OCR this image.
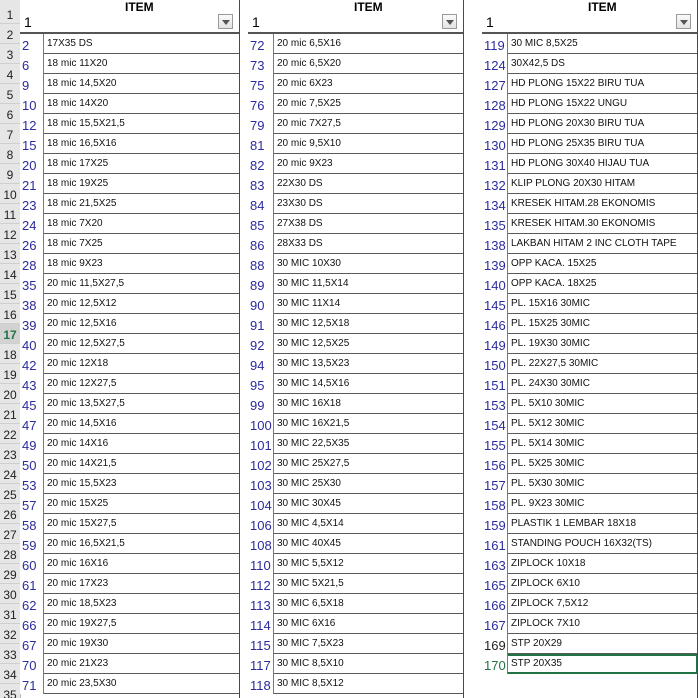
1
2
3
4
5
6
7
8
9
10
11
12
13
14
15
16
17
18
19
20
21
22
23
24
25
26
27
28
29
30
31
32
33
34
35
1
ITEM
2	17X35 DS
6	18 mic 11X20
9	18 mic 14,5X20
10	18 mic 14X20
12	18 mic 15,5X21,5
15	18 mic 16,5X16
20	18 mic 17X25
21	18 mic 19X25
23	18 mic 21,5X25
24	18 mic 7X20
26	18 mic 7X25
28	18 mic 9X23
35	20 mic 11,5X27,5
38	20 mic 12,5X12
39	20 mic 12,5X16
40	20 mic 12,5X27,5
42	20 mic 12X18
43	20 mic 12X27,5
45	20 mic 13,5X27,5
47	20 mic 14,5X16
49	20 mic 14X16
50	20 mic 14X21,5
53	20 mic 15,5X23
57	20 mic 15X25
58	20 mic 15X27,5
59	20 mic 16,5X21,5
60	20 mic 16X16
61	20 mic 17X23
62	20 mic 18,5X23
66	20 mic 19X27,5
67	20 mic 19X30
70	20 mic 21X23
71	20 mic 23,5X30
1
ITEM
72	20 mic 6,5X16
73	20 mic 6,5X20
75	20 mic 6X23
76	20 mic 7,5X25
79	20 mic 7X27,5
81	20 mic 9,5X10
82	20 mic 9X23
83	22X30 DS
84	23X30 DS
85	27X38 DS
86	28X33 DS
88	30 MIC 10X30
89	30 MIC 11,5X14
90	30 MIC 11X14
91	30 MIC 12,5X18
92	30 MIC 12,5X25
94	30 MIC 13,5X23
95	30 MIC 14,5X16
99	30 MIC 16X18
100 30 MIC 16X21,5
101 30 MIC 22,5X35
102 30 MIC 25X27,5
103 30 MIC 25X30
104 30 MIC 30X45
106 30 MIC 4,5X14
108 30 MIC 40X45
110 30 MIC 5,5X12
112 30 MIC 5X21,5
113 30 MIC 6,5X18
114 30 MIC 6X16
115 30 MIC 7,5X23
117 30 MIC 8,5X10
118 30 MIC 8,5X12
1
ITEM
119 30 MIC 8,5X25
124 30X42,5 DS
127 HD PLONG 15X22 BIRU TUA
128 HD PLONG 15X22 UNGU
129 HD PLONG 20X30 BIRU TUA
130 HD PLONG 25X35 BIRU TUA
131 HD PLONG 30X40 HIJAU TUA
132 KLIP PLONG 20X30 HITAM
134 KRESEK HITAM.28 EKONOMIS
135 KRESEK HITAM.30 EKONOMIS
138 LAKBAN HITAM 2 INC CLOTH TAPE
139 OPP KACA. 15X25
140 OPP KACA. 18X25
145 PL. 15X16 30MIC
146 PL. 15X25 30MIC
149 PL. 19X30 30MIC
150 PL. 22X27,5 30MIC
151 PL. 24X30 30MIC
153 PL. 5X10 30MIC
154 PL. 5X12 30MIC
155 PL. 5X14 30MIC
156 PL. 5X25 30MIC
157 PL. 5X30 30MIC
158 PL. 9X23 30MIC
159 PLASTIK 1 LEMBAR 18X18
161 STANDING POUCH 16X32(TS)
163 ZIPLOCK 10X18
165 ZIPLOCK 6X10
166 ZIPLOCK 7,5X12
167 ZIPLOCK 7X10
169 STP 20X29
170 STP 20X35
